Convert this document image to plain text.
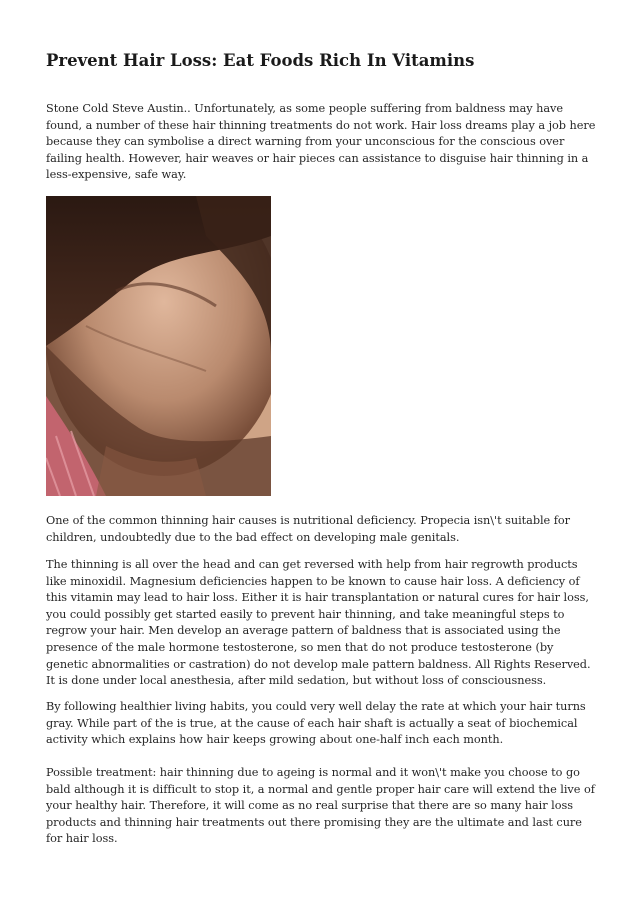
Prevent Hair Loss: Eat Foods Rich In Vitamins

Stone Cold Steve Austin.. Unfortunately, as some people suffering from baldness may have found, a number of these hair thinning treatments do not work. Hair loss dreams play a job here because they can symbolise a direct warning from your unconscious for the conscious over failing health. However, hair weaves or hair pieces can assistance to disguise hair thinning in a less-expensive, safe way.

One of the common thinning hair causes is nutritional deficiency. Propecia isn\'t suitable for children, undoubtedly due to the bad effect on developing male genitals.

The thinning is all over the head and can get reversed with help from hair regrowth products like minoxidil. Magnesium deficiencies happen to be known to cause hair loss. A deficiency of this vitamin may lead to hair loss. Either it is hair transplantation or natural cures for hair loss, you could possibly get started easily to prevent hair thinning, and take meaningful steps to regrow your hair. Men develop an average pattern of baldness that is associated using the presence of the male hormone testosterone, so men that do not produce testosterone (by genetic abnormalities or castration) do not develop male pattern baldness. All Rights Reserved. It is done under local anesthesia, after mild sedation, but without loss of consciousness.

By following healthier living habits, you could very well delay the rate at which your hair turns gray. While part of the is true, at the cause of each hair shaft is actually a seat of biochemical activity which explains how hair keeps growing about one-half inch each month.

Possible treatment: hair thinning due to ageing is normal and it won\'t make you choose to go bald although it is difficult to stop it, a normal and gentle proper hair care will extend the live of your healthy hair. Therefore, it will come as no real surprise that there are so many hair loss products and thinning hair treatments out there promising they are the ultimate and last cure for hair loss.
